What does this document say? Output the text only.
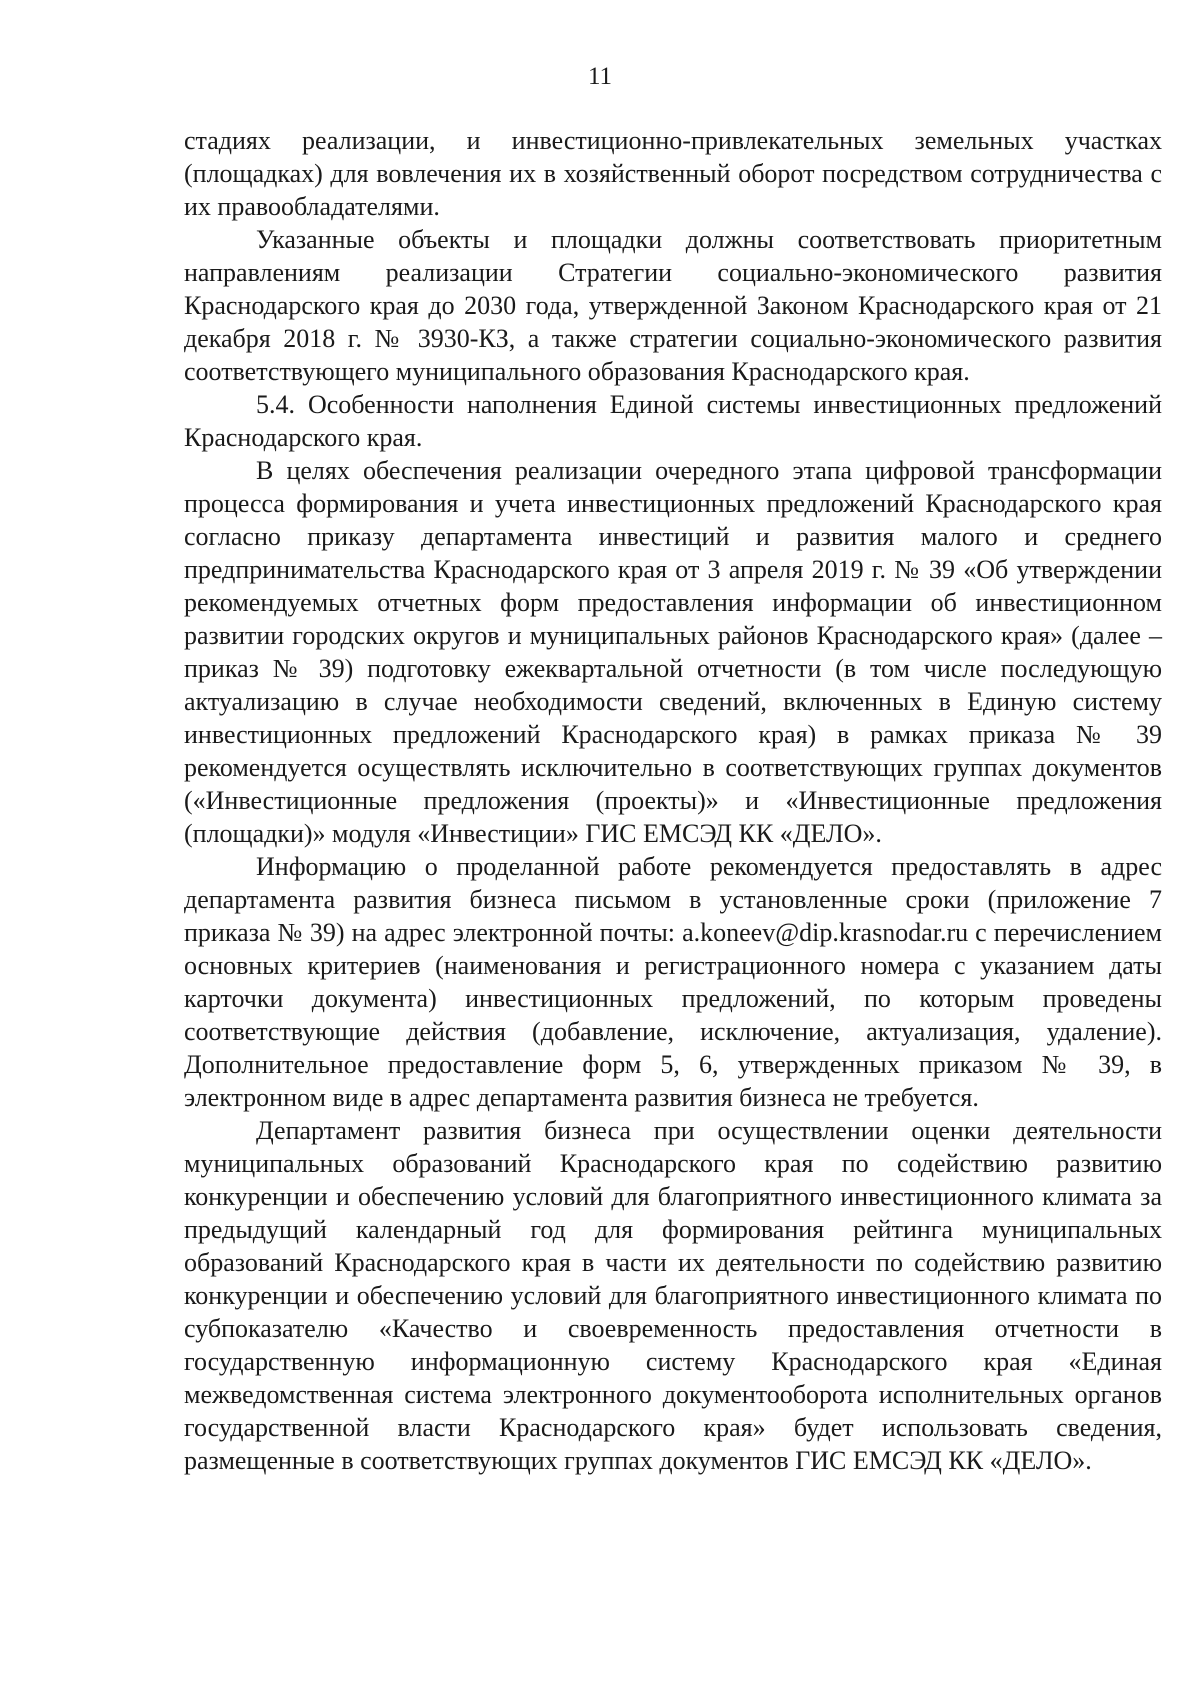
11

стадиях реализации, и инвестиционно-привлекательных земельных участках (площадках) для вовлечения их в хозяйственный оборот посредством сотрудничества с их правообладателями.

Указанные объекты и площадки должны соответствовать приоритетным направлениям реализации Стратегии социально-экономического развития Краснодарского края до 2030 года, утвержденной Законом Краснодарского края от 21 декабря 2018 г. № 3930-КЗ, а также стратегии социально-экономического развития соответствующего муниципального образования Краснодарского края.

5.4. Особенности наполнения Единой системы инвестиционных предложений Краснодарского края.

В целях обеспечения реализации очередного этапа цифровой трансформации процесса формирования и учета инвестиционных предложений Краснодарского края согласно приказу департамента инвестиций и развития малого и среднего предпринимательства Краснодарского края от 3 апреля 2019 г. № 39 «Об утверждении рекомендуемых отчетных форм предоставления информации об инвестиционном развитии городских округов и муниципальных районов Краснодарского края» (далее – приказ № 39) подготовку ежеквартальной отчетности (в том числе последующую актуализацию в случае необходимости сведений, включенных в Единую систему инвестиционных предложений Краснодарского края) в рамках приказа № 39 рекомендуется осуществлять исключительно в соответствующих группах документов («Инвестиционные предложения (проекты)» и «Инвестиционные предложения (площадки)» модуля «Инвестиции» ГИС ЕМСЭД КК «ДЕЛО».

Информацию о проделанной работе рекомендуется предоставлять в адрес департамента развития бизнеса письмом в установленные сроки (приложение 7 приказа № 39) на адрес электронной почты: a.koneev@dip.krasnodar.ru с перечислением основных критериев (наименования и регистрационного номера с указанием даты карточки документа) инвестиционных предложений, по которым проведены соответствующие действия (добавление, исключение, актуализация, удаление). Дополнительное предоставление форм 5, 6, утвержденных приказом № 39, в электронном виде в адрес департамента развития бизнеса не требуется.

Департамент развития бизнеса при осуществлении оценки деятельности муниципальных образований Краснодарского края по содействию развитию конкуренции и обеспечению условий для благоприятного инвестиционного климата за предыдущий календарный год для формирования рейтинга муниципальных образований Краснодарского края в части их деятельности по содействию развитию конкуренции и обеспечению условий для благоприятного инвестиционного климата по субпоказателю «Качество и своевременность предоставления отчетности в государственную информационную систему Краснодарского края «Единая межведомственная система электронного документооборота исполнительных органов государственной власти Краснодарского края» будет использовать сведения, размещенные в соответствующих группах документов ГИС ЕМСЭД КК «ДЕЛО».
